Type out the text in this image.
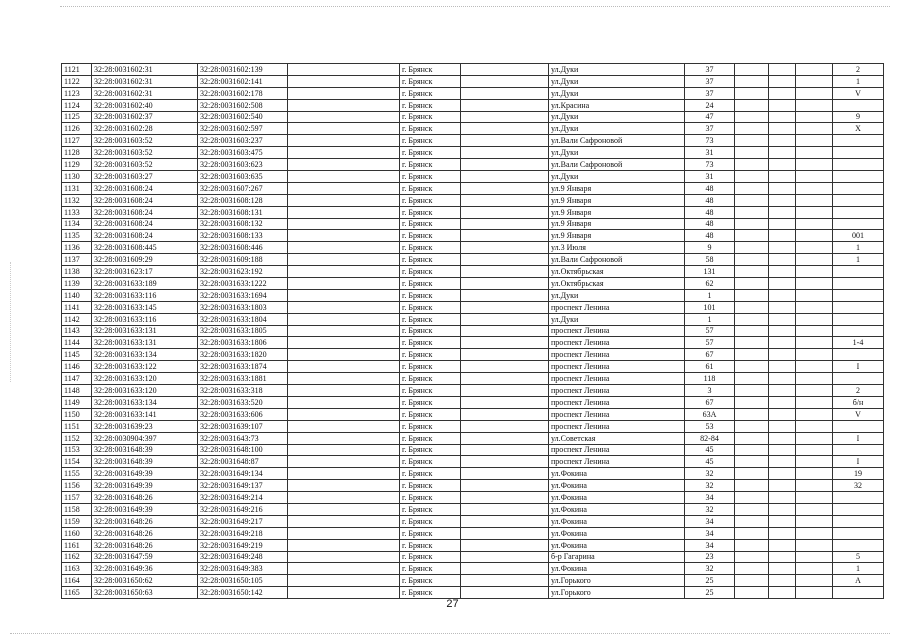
1121	32:28:0031602:31	32:28:0031602:139		г. Брянск		ул.Дуки	37				2
1122	32:28:0031602:31	32:28:0031602:141		г. Брянск		ул.Дуки	37				1
1123	32:28:0031602:31	32:28:0031602:178		г. Брянск		ул.Дуки	37				V
1124	32:28:0031602:40	32:28:0031602:508		г. Брянск		ул.Красина	24				
1125	32:28:0031602:37	32:28:0031602:540		г. Брянск		ул.Дуки	47				9
1126	32:28:0031602:28	32:28:0031602:597		г. Брянск		ул.Дуки	37				X
1127	32:28:0031603:52	32:28:0031603:237		г. Брянск		ул.Вали Сафроновой	73				
1128	32:28:0031603:52	32:28:0031603:475		г. Брянск		ул.Дуки	31				
1129	32:28:0031603:52	32:28:0031603:623		г. Брянск		ул.Вали Сафроновой	73				
1130	32:28:0031603:27	32:28:0031603:635		г. Брянск		ул.Дуки	31				
1131	32:28:0031608:24	32:28:0031607:267		г. Брянск		ул.9 Января	48				
1132	32:28:0031608:24	32:28:0031608:128		г. Брянск		ул.9 Января	48				
1133	32:28:0031608:24	32:28:0031608:131		г. Брянск		ул.9 Января	48				
1134	32:28:0031608:24	32:28:0031608:132		г. Брянск		ул.9 Января	48				
1135	32:28:0031608:24	32:28:0031608:133		г. Брянск		ул.9 Января	48				001
1136	32:28:0031608:445	32:28:0031608:446		г. Брянск		ул.3 Июля	9				1
1137	32:28:0031609:29	32:28:0031609:188		г. Брянск		ул.Вали Сафроновой	58				1
1138	32:28:0031623:17	32:28:0031623:192		г. Брянск		ул.Октябрьская	131				
1139	32:28:0031633:189	32:28:0031633:1222		г. Брянск		ул.Октябрьская	62				
1140	32:28:0031633:116	32:28:0031633:1694		г. Брянск		ул.Дуки	1				
1141	32:28:0031633:145	32:28:0031633:1803		г. Брянск		проспект Ленина	101				
1142	32:28:0031633:116	32:28:0031633:1804		г. Брянск		ул.Дуки	1				
1143	32:28:0031633:131	32:28:0031633:1805		г. Брянск		проспект Ленина	57				
1144	32:28:0031633:131	32:28:0031633:1806		г. Брянск		проспект Ленина	57				1-4
1145	32:28:0031633:134	32:28:0031633:1820		г. Брянск		проспект Ленина	67				
1146	32:28:0031633:122	32:28:0031633:1874		г. Брянск		проспект Ленина	61				I
1147	32:28:0031633:120	32:28:0031633:1881		г. Брянск		проспект Ленина	118				
1148	32:28:0031633:120	32:28:0031633:318		г. Брянск		проспект Ленина	3				2
1149	32:28:0031633:134	32:28:0031633:520		г. Брянск		проспект Ленина	67				б/н
1150	32:28:0031633:141	32:28:0031633:606		г. Брянск		проспект Ленина	63А				V
1151	32:28:0031639:23	32:28:0031639:107		г. Брянск		проспект Ленина	53				
1152	32:28:0030904:397	32:28:0031643:73		г. Брянск		ул.Советская	82-84				I
1153	32:28:0031648:39	32:28:0031648:100		г. Брянск		проспект Ленина	45				
1154	32:28:0031648:39	32:28:0031648:87		г. Брянск		проспект Ленина	45				I
1155	32:28:0031649:39	32:28:0031649:134		г. Брянск		ул.Фокина	32				19
1156	32:28:0031649:39	32:28:0031649:137		г. Брянск		ул.Фокина	32				32
1157	32:28:0031648:26	32:28:0031649:214		г. Брянск		ул.Фокина	34				
1158	32:28:0031649:39	32:28:0031649:216		г. Брянск		ул.Фокина	32				
1159	32:28:0031648:26	32:28:0031649:217		г. Брянск		ул.Фокина	34				
1160	32:28:0031648:26	32:28:0031649:218		г. Брянск		ул.Фокина	34				
1161	32:28:0031648:26	32:28:0031649:219		г. Брянск		ул.Фокина	34				
1162	32:28:0031647:59	32:28:0031649:248		г. Брянск		б-р Гагарина	23				5
1163	32:28:0031649:36	32:28:0031649:383		г. Брянск		ул.Фокина	32				1
1164	32:28:0031650:62	32:28:0031650:105		г. Брянск		ул.Горького	25				А
1165	32:28:0031650:63	32:28:0031650:142		г. Брянск		ул.Горького	25				
27
